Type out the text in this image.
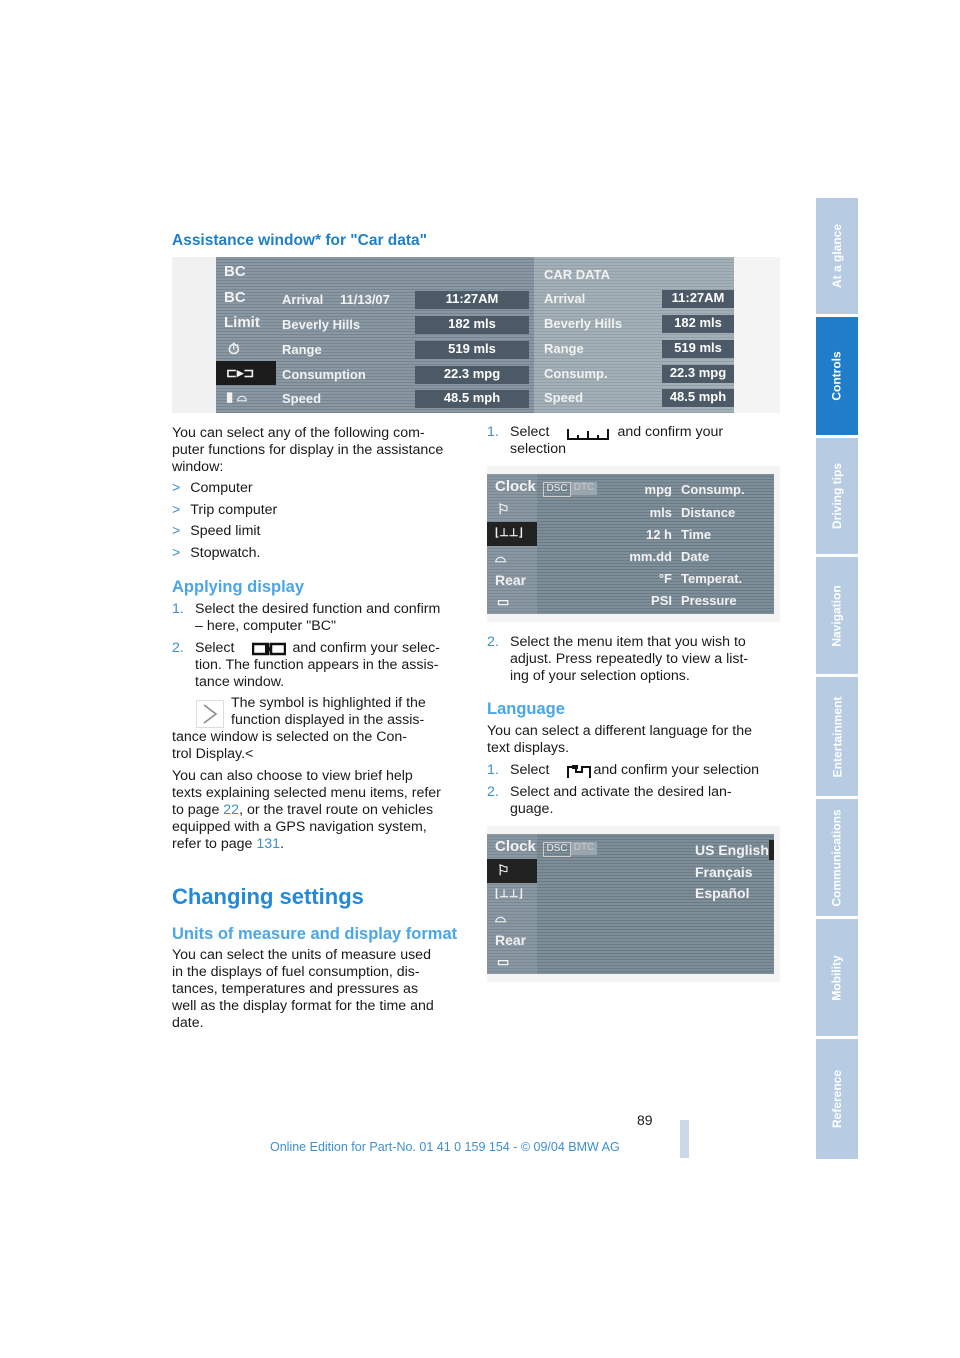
At a glance
Controls
Driving tips
Navigation
Entertainment
Communications
Mobility
Reference
Assistance window* for "Car data"
BC
BC
Limit
⏱
⊏▸⊐
▮ ⌓
Arrival 11/13/07	11:27AM
Beverly Hills	182 mls
Range	519 mls
Consumption	22.3 mpg
Speed	48.5 mph
CAR DATA
Arrival	11:27AM
Beverly Hills	182 mls
Range	519 mls
Consump.	22.3 mpg
Speed	48.5 mph
You can select any of the following com-
puter functions for display in the assistance
window:
> Computer
> Trip computer
> Speed limit
> Stopwatch.
Applying display
1. Select the desired function and confirm
– here, computer "BC"
2. Select	and confirm your selec-
tion. The function appears in the assis-
tance window.
The symbol is highlighted if the
function displayed in the assis-
tance window is selected on the Con-
trol Display.<
You can also choose to view brief help
texts explaining selected menu items, refer
to page 22, or the travel route on vehicles
equipped with a GPS navigation system,
refer to page 131.
Changing settings
Units of measure and display format
You can select the units of measure used
in the displays of fuel consumption, dis-
tances, temperatures and pressures as
well as the display format for the time and
date.
1. Select	and confirm your
selection
Clock
⚐
⌊⊥⊥⌋
⌓
Rear
▭
DSC DTC	mpg Consump.
mls Distance
12 h Time
mm.dd Date
°F Temperat.
PSI Pressure
2. Select the menu item that you wish to
adjust. Press repeatedly to view a list-
ing of your selection options.
Language
You can select a different language for the
text displays.
1. Select	and confirm your selection
2. Select and activate the desired lan-
guage.
Clock
⚐
⌊⊥⊥⌋
⌓
Rear
▭
DSC DTC	US English
Français
Español
89
Online Edition for Part-No. 01 41 0 159 154 - © 09/04 BMW AG
